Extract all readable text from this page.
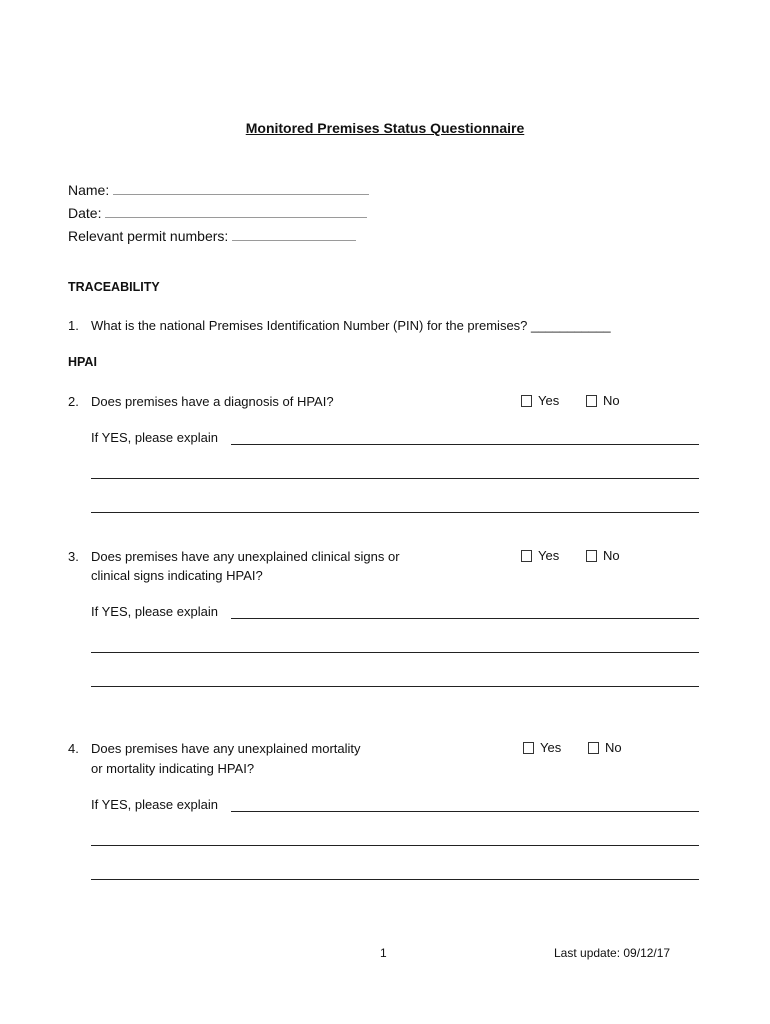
Monitored Premises Status Questionnaire
Name:
Date:
Relevant permit numbers:
TRACEABILITY
1. What is the national Premises Identification Number (PIN) for the premises? ___________
HPAI
2. Does premises have a diagnosis of HPAI?	Yes	No
If YES, please explain
3. Does premises have any unexplained clinical signs or
clinical signs indicating HPAI?
Yes	No
If YES, please explain
4. Does premises have any unexplained mortality
or mortality indicating HPAI?
Yes	No
If YES, please explain
1	Last update: 09/12/17
